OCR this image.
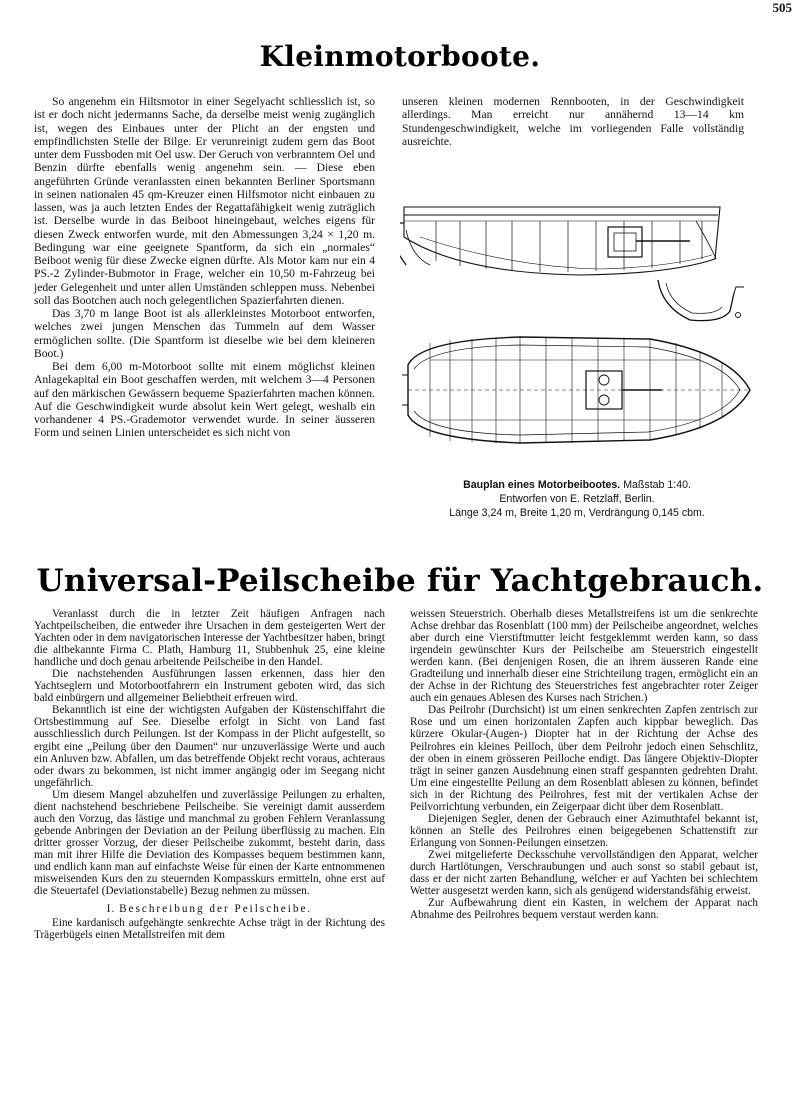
505
Kleinmotorboote.

So angenehm ein Hiltsmotor in einer Segelyacht schliesslich ist, so ist er doch nicht jedermanns Sache, da derselbe meist wenig zugänglich ist, wegen des Einbaues unter der Plicht an der engsten und empfindlichsten Stelle der Bilge. Er verunreinigt zudem gern das Boot unter dem Fussboden mit Oel usw. Der Geruch von verbranntem Oel und Benzin dürfte ebenfalls wenig angenehm sein. — Diese eben angeführten Gründe veranlassten einen bekannten Berliner Sportsmann in seinen nationalen 45 qm-Kreuzer einen Hilfsmotor nicht einbauen zu lassen, was ja auch letzten Endes der Regattafähigkeit wenig zuträglich ist. Derselbe wurde in das Beiboot hineingebaut, welches eigens für diesen Zweck entworfen wurde, mit den Abmessungen 3,24 × 1,20 m. Bedingung war eine geeignete Spantform, da sich ein „normales“ Beiboot wenig für diese Zwecke eignen dürfte. Als Motor kam nur ein 4 PS.-2 Zylinder-Bubmotor in Frage, welcher ein 10,50 m-Fahrzeug bei jeder Gelegenheit und unter allen Umständen schleppen muss. Nebenbei soll das Bootchen auch noch gelegentlichen Spazierfahrten dienen.

Das 3,70 m lange Boot ist als allerkleinstes Motorboot entworfen, welches zwei jungen Menschen das Tummeln auf dem Wasser ermöglichen sollte. (Die Spantform ist dieselbe wie bei dem kleineren Boot.)

Bei dem 6,00 m-Motorboot sollte mit einem möglichst kleinen Anlagekapital ein Boot geschaffen werden, mit welchem 3—4 Personen auf den märkischen Gewässern bequeme Spazierfahrten machen können. Auf die Geschwindigkeit wurde absolut kein Wert gelegt, weshalb ein vorhandener 4 PS.-Grademotor verwendet wurde. In seiner äusseren Form und seinen Linien unterscheidet es sich nicht von

unseren kleinen modernen Rennbooten, in der Geschwindigkeit allerdings. Man erreicht nur annähernd 13—14 km Stundengeschwindigkeit, welche im vorliegenden Falle vollständig ausreichte.

Bauplan eines Motorbeibootes. Maßstab 1:40.
Entworfen von E. Retzlaff, Berlin.
Länge 3,24 m, Breite 1,20 m, Verdrängung 0,145 cbm.
Universal-Peilscheibe für Yachtgebrauch.

Veranlasst durch die in letzter Zeit häufigen Anfragen nach Yachtpeilscheiben, die entweder ihre Ursachen in dem gesteigerten Wert der Yachten oder in dem navigatorischen Interesse der Yachtbesitzer haben, bringt die altbekannte Firma C. Plath, Hamburg 11, Stubbenhuk 25, eine kleine handliche und doch genau arbeitende Peilscheibe in den Handel.

Die nachstehenden Ausführungen lassen erkennen, dass hier den Yachtseglern und Motorbootfahrern ein Instrument geboten wird, das sich bald einbürgern und allgemeiner Beliebtheit erfreuen wird.

Bekanntlich ist eine der wichtigsten Aufgaben der Küstenschiffahrt die Ortsbestimmung auf See. Dieselbe erfolgt in Sicht von Land fast ausschliesslich durch Peilungen. Ist der Kompass in der Plicht aufgestellt, so ergibt eine „Peilung über den Daumen“ nur unzuverlässige Werte und auch ein Anluven bzw. Abfallen, um das betreffende Objekt recht voraus, achteraus oder dwars zu bekommen, ist nicht immer angängig oder im Seegang nicht ungefährlich.

Um diesem Mangel abzuhelfen und zuverlässige Peilungen zu erhalten, dient nachstehend beschriebene Peilscheibe. Sie vereinigt damit ausserdem auch den Vorzug, das lästige und manchmal zu groben Fehlern Veranlassung gebende Anbringen der Deviation an der Peilung überflüssig zu machen. Ein dritter grosser Vorzug, der dieser Peilscheibe zukommt, besteht darin, dass man mit ihrer Hilfe die Deviation des Kompasses bequem bestimmen kann, und endlich kann man auf einfachste Weise für einen der Karte entnommenen misweisenden Kurs den zu steuernden Kompasskurs ermitteln, ohne erst auf die Steuertafel (Deviationstabelle) Bezug nehmen zu müssen.

I. Beschreibung der Peilscheibe.

Eine kardanisch aufgehängte senkrechte Achse trägt in der Richtung des Trägerbügels einen Metallstreifen mit dem

weissen Steuerstrich. Oberhalb dieses Metallstreifens ist um die senkrechte Achse drehbar das Rosenblatt (100 mm) der Peilscheibe angeordnet, welches aber durch eine Vierstiftmutter leicht festgeklemmt werden kann, so dass irgendein gewünschter Kurs der Peilscheibe am Steuerstrich eingestellt werden kann. (Bei denjenigen Rosen, die an ihrem äusseren Rande eine Gradteilung und innerhalb dieser eine Strichteilung tragen, ermöglicht ein an der Achse in der Richtung des Steuerstriches fest angebrachter roter Zeiger auch ein genaues Ablesen des Kurses nach Strichen.)

Das Peilrohr (Durchsicht) ist um einen senkrechten Zapfen zentrisch zur Rose und um einen horizontalen Zapfen auch kippbar beweglich. Das kürzere Okular-(Augen-) Diopter hat in der Richtung der Achse des Peilrohres ein kleines Peilloch, über dem Peilrohr jedoch einen Sehschlitz, der oben in einem grösseren Peilloche endigt. Das längere Objektiv-Diopter trägt in seiner ganzen Ausdehnung einen straff gespannten gedrehten Draht. Um eine eingestellte Peilung an dem Rosenblatt ablesen zu können, befindet sich in der Richtung des Peilrohres, fest mit der vertikalen Achse der Peilvorrichtung verbunden, ein Zeigerpaar dicht über dem Rosenblatt.

Diejenigen Segler, denen der Gebrauch einer Azimuthtafel bekannt ist, können an Stelle des Peilrohres einen beigegebenen Schattenstift zur Erlangung von Sonnen-Peilungen einsetzen.

Zwei mitgelieferte Decksschuhe vervollständigen den Apparat, welcher durch Hartlötungen, Verschraubungen und auch sonst so stabil gebaut ist, dass er der nicht zarten Behandlung, welcher er auf Yachten bei schlechtem Wetter ausgesetzt werden kann, sich als genügend widerstandsfähig erweist.

Zur Aufbewahrung dient ein Kasten, in welchem der Apparat nach Abnahme des Peilrohres bequem verstaut werden kann.
